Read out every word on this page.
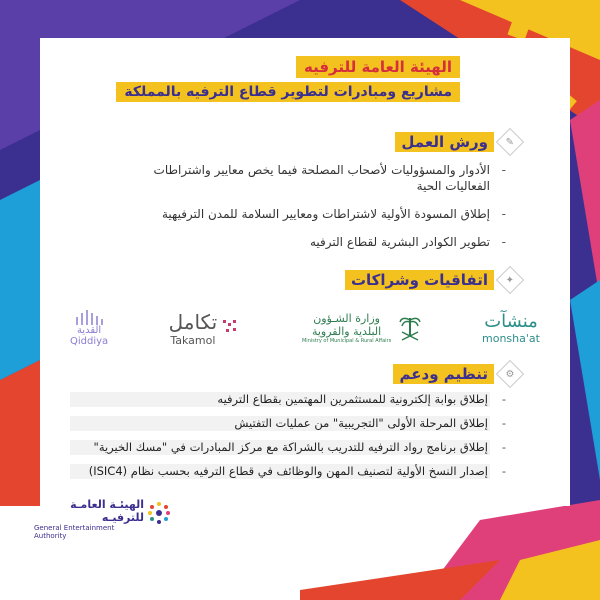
الهيئة العامة للترفيه
مشاريع ومبادرات لتطوير قطاع الترفيه بالمملكة
✎
ورش العمل
- الأدوار والمسؤوليات لأصحاب المصلحة فيما يخص معايير واشتراطات الفعاليات الحية
- إطلاق المسودة الأولية لاشتراطات ومعايير السلامة للمدن الترفيهية
- تطوير الكوادر البشرية لقطاع الترفيه
✦
اتفاقيات وشراكات
القدية
Qiddiya
تكامل
Takamol
وزارة الشـؤون البلدية والقروية
Ministry of Municipal & Rural Affairs
منشآت
monsha'at
⚙
تنظيم ودعم
- إطلاق بوابة إلكترونية للمستثمرين المهتمين بقطاع الترفيه
- إطلاق المرحلة الأولى "التجريبية" من عمليات التفتيش
- إطلاق برنامج رواد الترفيه للتدريب بالشراكة مع مركز المبادرات في "مسك الخيرية"
- إصدار النسخ الأولية لتصنيف المهن والوظائف في قطاع الترفيه بحسب نظام (ISIC4)
الهيئـة العامـة للترفيـه
General Entertainment Authority
